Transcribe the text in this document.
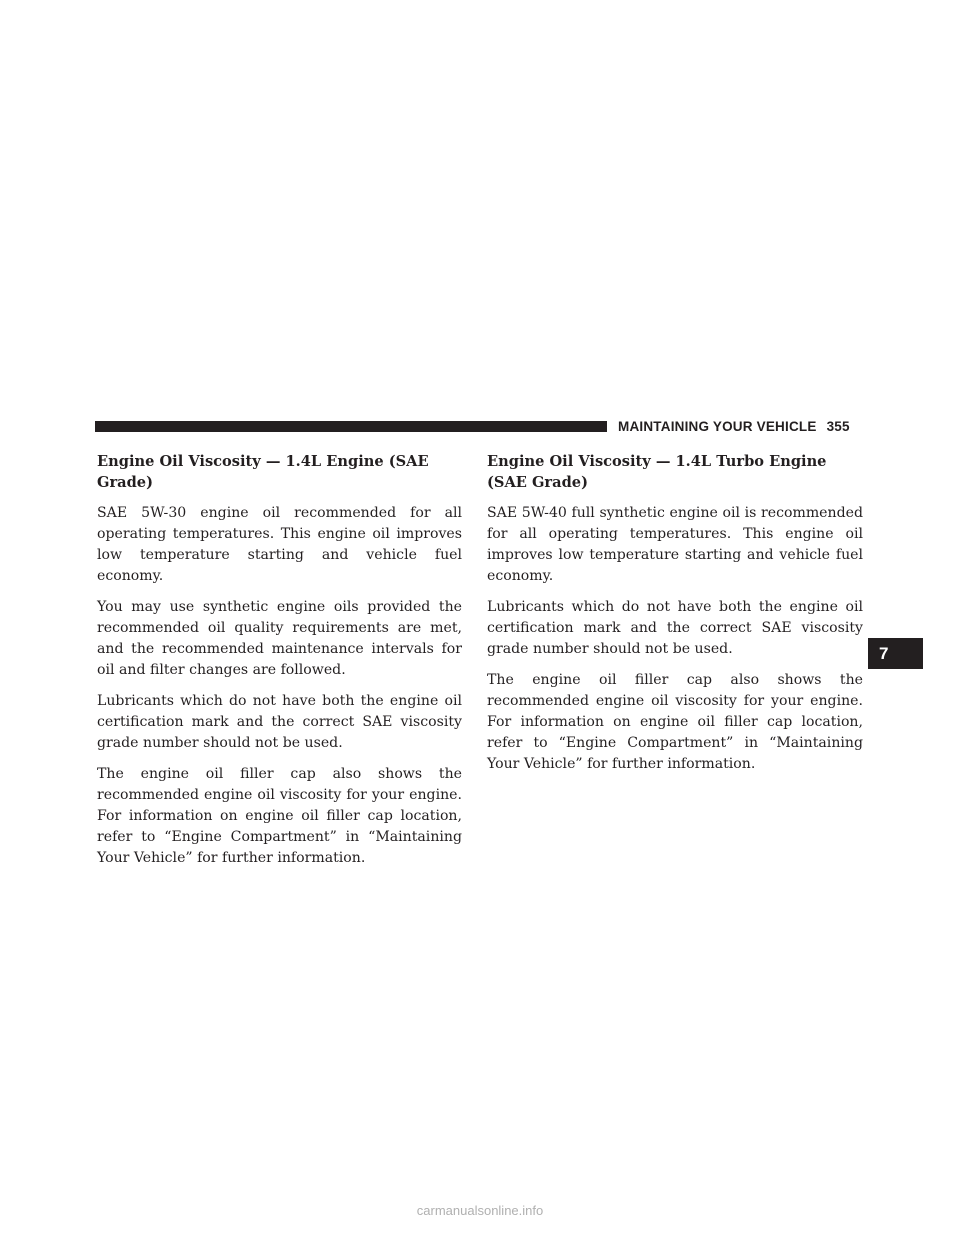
MAINTAINING YOUR VEHICLE 355
Engine Oil Viscosity — 1.4L Engine (SAE Grade)

SAE 5W-30 engine oil recommended for all operating temperatures. This engine oil improves low temperature starting and vehicle fuel economy.

You may use synthetic engine oils provided the recommended oil quality requirements are met, and the recommended maintenance intervals for oil and filter changes are followed.

Lubricants which do not have both the engine oil certification mark and the correct SAE viscosity grade number should not be used.

The engine oil filler cap also shows the recommended engine oil viscosity for your engine. For information on engine oil filler cap location, refer to “Engine Compartment” in “Maintaining Your Vehicle” for further information.

Engine Oil Viscosity — 1.4L Turbo Engine (SAE Grade)

SAE 5W-40 full synthetic engine oil is recommended for all operating temperatures. This engine oil improves low temperature starting and vehicle fuel economy.

Lubricants which do not have both the engine oil certification mark and the correct SAE viscosity grade number should not be used.

The engine oil filler cap also shows the recommended engine oil viscosity for your engine. For information on engine oil filler cap location, refer to “Engine Compartment” in “Maintaining Your Vehicle” for further information.

7
carmanualsonline.info
